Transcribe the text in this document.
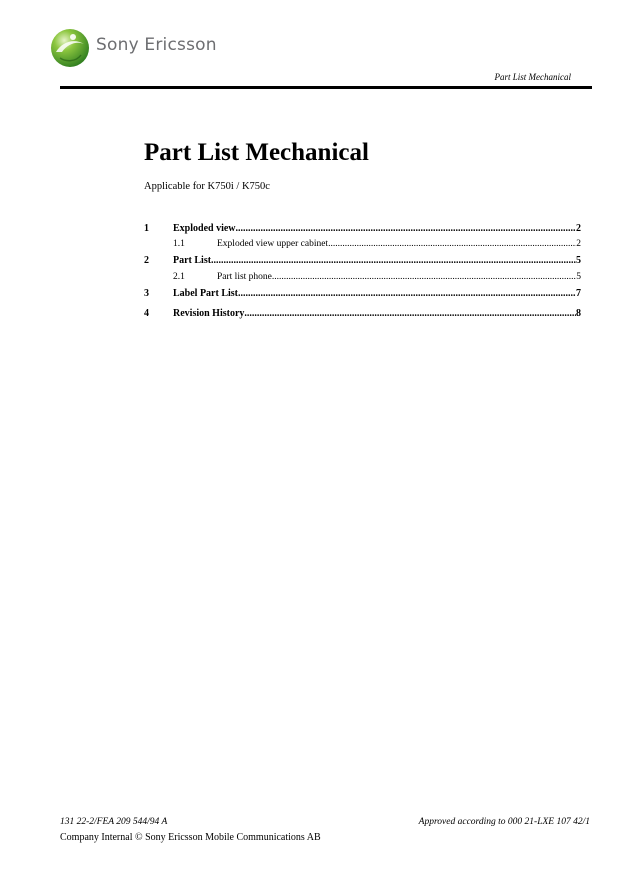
Sony Ericsson
Part List Mechanical
Part List Mechanical
Applicable for K750i / K750c
1 Exploded view .....	2
1.1	Exploded view upper cabinet .....	2
2 Part List .....	5
2.1	Part list phone .....	5
3 Label Part List .....	7
4 Revision History .....	8
131 22-2/FEA 209 544/94 A	Approved according to 000 21-LXE 107 42/1
Company Internal © Sony Ericsson Mobile Communications AB
